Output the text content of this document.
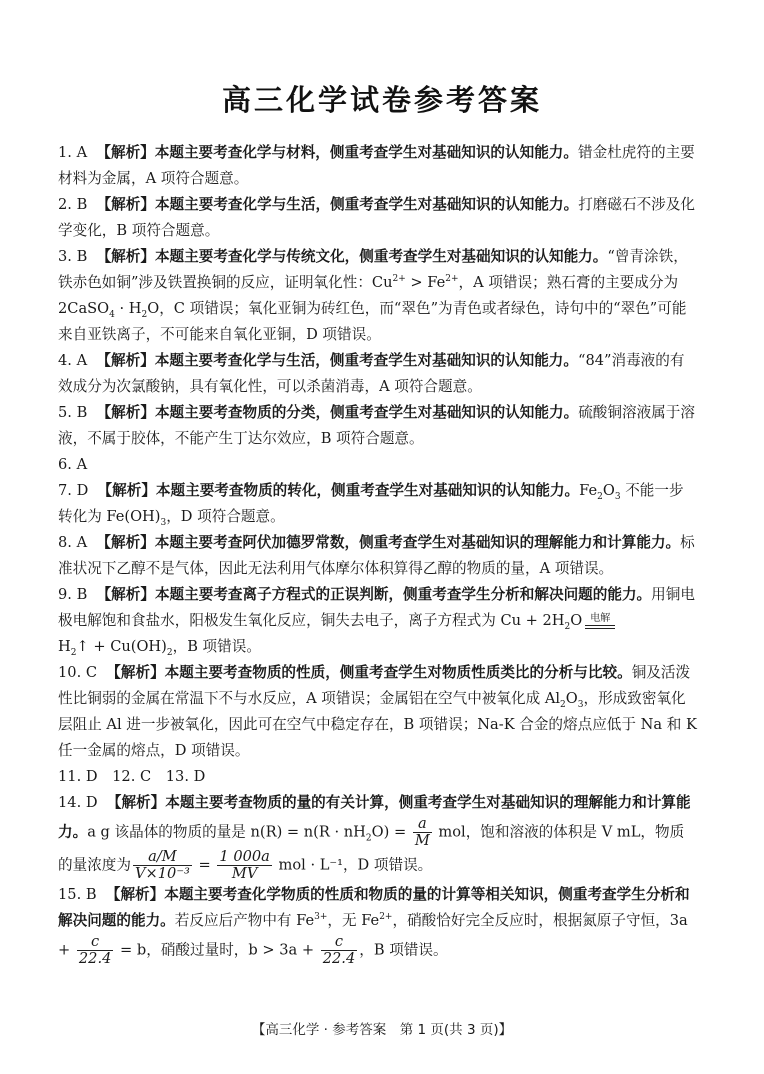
高三化学试卷参考答案

1. A 【解析】本题主要考查化学与材料，侧重考查学生对基础知识的认知能力。错金杜虎符的主要材料为金属，A 项符合题意。

2. B 【解析】本题主要考查化学与生活，侧重考查学生对基础知识的认知能力。打磨磁石不涉及化学变化，B 项符合题意。

3. B 【解析】本题主要考查化学与传统文化，侧重考查学生对基础知识的认知能力。“曾青涂铁，铁赤色如铜”涉及铁置换铜的反应，证明氧化性：$Cu^{2+} > Fe^{2+}$，A 项错误；熟石膏的主要成分为 2CaSO$_4$ · $H_2O$，C 项错误；氧化亚铜为砖红色，而“翠色”为青色或者绿色，诗句中的“翠色”可能来自亚铁离子，不可能来自氧化亚铜，D 项错误。

4. A 【解析】本题主要考查化学与生活，侧重考查学生对基础知识的认知能力。“84”消毒液的有效成分为次氯酸钠，具有氧化性，可以杀菌消毒，A 项符合题意。

5. B 【解析】本题主要考查物质的分类，侧重考查学生对基础知识的认知能力。硫酸铜溶液属于溶液，不属于胶体，不能产生丁达尔效应，B 项符合题意。

6. A

7. D 【解析】本题主要考查物质的转化，侧重考查学生对基础知识的认知能力。$Fe_2O_3$ 不能一步转化为 $Fe(OH)_3$，D 项符合题意。

8. A 【解析】本题主要考查阿伏加德罗常数，侧重考查学生对基础知识的理解能力和计算能力。标准状况下乙醇不是气体，因此无法利用气体摩尔体积算得乙醇的物质的量，A 项错误。

9. B 【解析】本题主要考查离子方程式的正误判断，侧重考查学生分析和解决问题的能力。用铜电极电解饱和食盐水，阳极发生氧化反应，铜失去电子，离子方程式为 $Cu + 2H_2O$ 电解

$H_2↑ + Cu(OH)_2$，B 项错误。

10. C 【解析】本题主要考查物质的性质，侧重考查学生对物质性质类比的分析与比较。铜及活泼性比铜弱的金属在常温下不与水反应，A 项错误；金属铝在空气中被氧化成 $Al_2O_3$，形成致密氧化层阻止 Al 进一步被氧化，因此可在空气中稳定存在，B 项错误；Na-K 合金的熔点应低于 Na 和 K 任一金属的熔点，D 项错误。

11. D　12. C　13. D

14. D 【解析】本题主要考查物质的量的有关计算，侧重考查学生对基础知识的理解能力和计算能力。a g 该晶体的物质的量是 $n(R) = n(R \cdot nH_2O) = \frac{a}{M}$ mol，饱和溶液的体积是 V mL，物质的量浓度为 $\frac{a/M}{\text{V×10⁻³}} = \frac{1 000a}{MV}$ mol · L⁻¹，D 项错误。

15. B 【解析】本题主要考查化学物质的性质和物质的量的计算等相关知识，侧重考查学生分析和解决问题的能力。若反应后产物中有 $Fe^{3+}$，无 $Fe^{2+}$，硝酸恰好完全反应时，根据氮原子守恒，$3a + \frac{c}{22.4} = b$，硝酸过量时，$b > 3a + \frac{c}{22.4}$ ，B 项错误。

【高三化学 · 参考答案　第 1 页(共 3 页)】
